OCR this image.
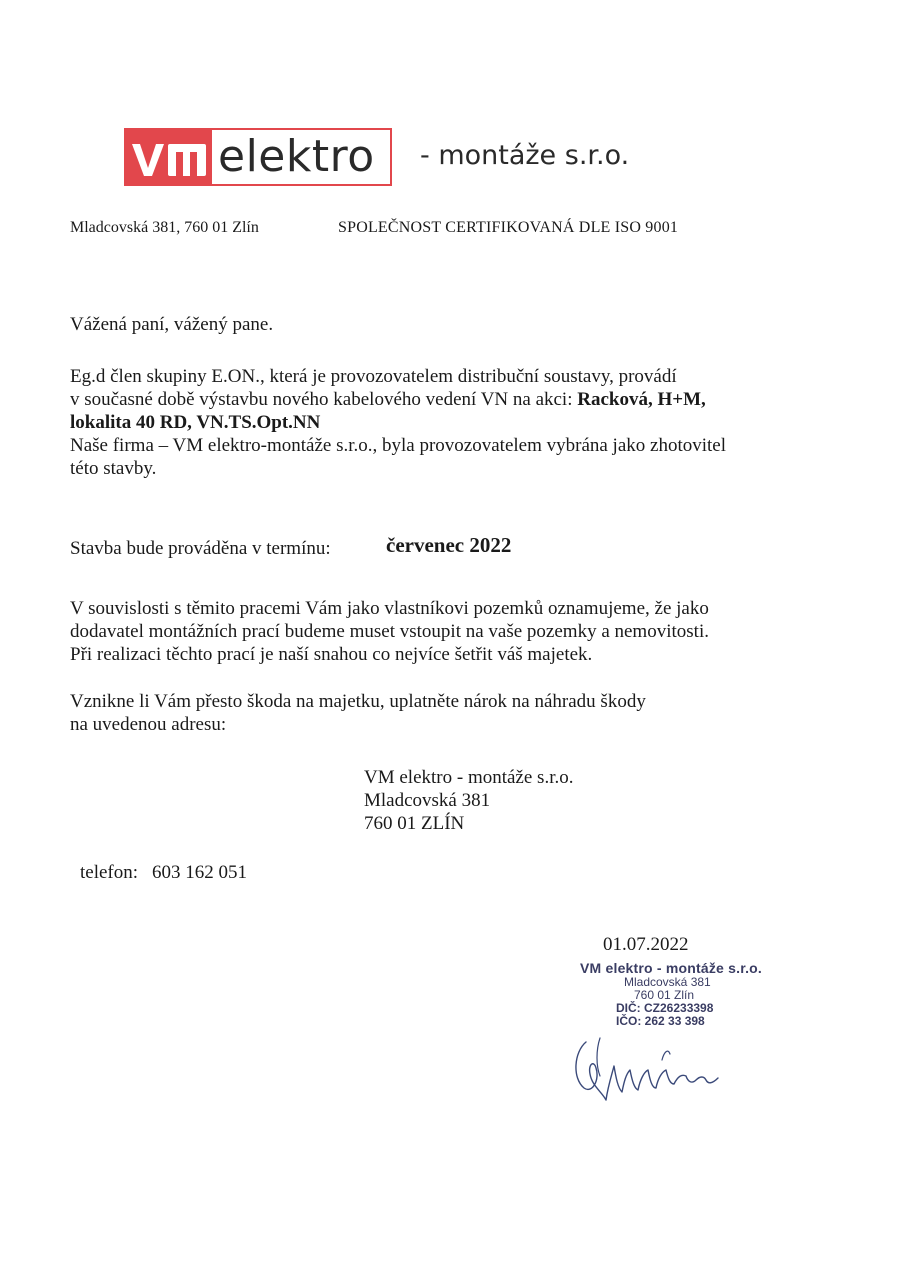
elektro - montáže s.r.o.
Mladcovská 381, 760 01 Zlín	SPOLEČNOST CERTIFIKOVANÁ DLE ISO 9001
Vážená paní, vážený pane.
Eg.d člen skupiny E.ON., která je provozovatelem distribuční soustavy, provádí
v současné době výstavbu nového kabelového vedení VN na akci: Racková, H+M,
lokalita 40 RD, VN.TS.Opt.NN
Naše firma – VM elektro-montáže s.r.o., byla provozovatelem vybrána jako zhotovitel
této stavby.
Stavba bude prováděna v termínu:	červenec 2022
V souvislosti s těmito pracemi Vám jako vlastníkovi pozemků oznamujeme, že jako
dodavatel montážních prací budeme muset vstoupit na vaše pozemky a nemovitosti.
Při realizaci těchto prací je naší snahou co nejvíce šetřit váš majetek.
Vznikne li Vám přesto škoda na majetku, uplatněte nárok na náhradu škody
na uvedenou adresu:
VM elektro - montáže s.r.o.
Mladcovská 381
760 01 ZLÍN
telefon: 603 162 051
01.07.2022
VM elektro - montáže s.r.o.
Mladcovská 381
760 01 Zlín
DIČ: CZ26233398
IČO: 262 33 398
